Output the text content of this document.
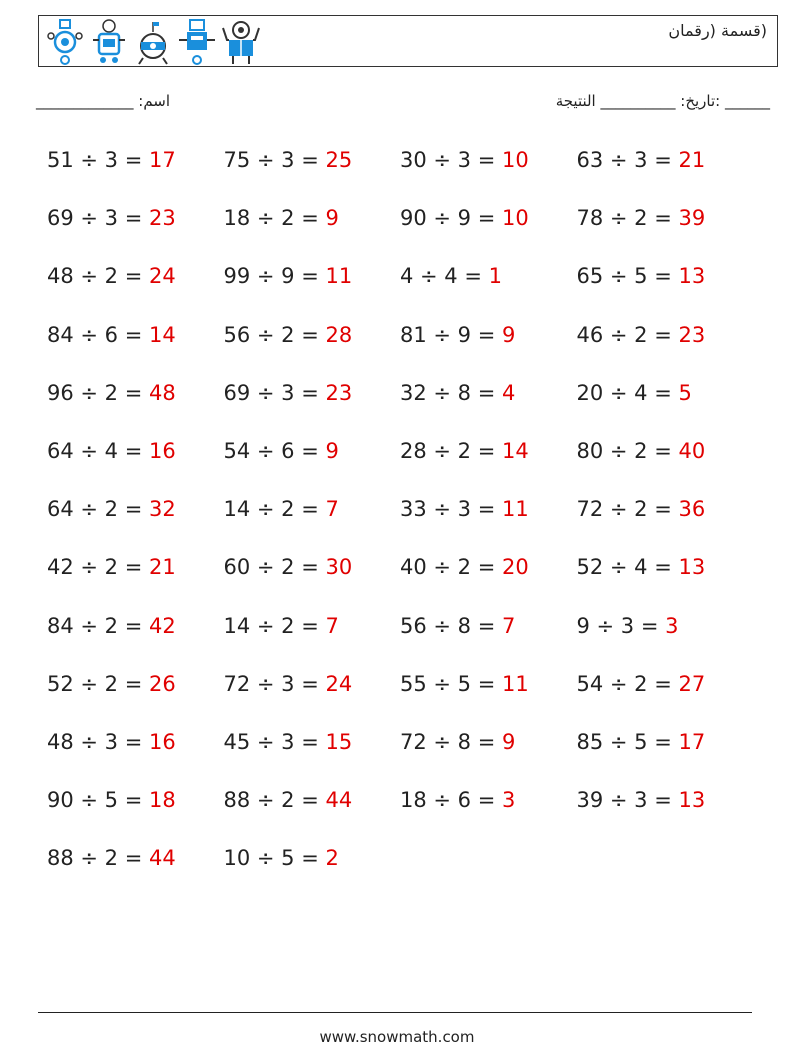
(قسمة (رقمان
______ :تاريخ: __________ النتيجة
اسم: _____________
51 ÷ 3 = 17	75 ÷ 3 = 25	30 ÷ 3 = 10	63 ÷ 3 = 21
69 ÷ 3 = 23	18 ÷ 2 = 9	90 ÷ 9 = 10	78 ÷ 2 = 39
48 ÷ 2 = 24	99 ÷ 9 = 11	4 ÷ 4 = 1	65 ÷ 5 = 13
84 ÷ 6 = 14	56 ÷ 2 = 28	81 ÷ 9 = 9	46 ÷ 2 = 23
96 ÷ 2 = 48	69 ÷ 3 = 23	32 ÷ 8 = 4	20 ÷ 4 = 5
64 ÷ 4 = 16	54 ÷ 6 = 9	28 ÷ 2 = 14	80 ÷ 2 = 40
64 ÷ 2 = 32	14 ÷ 2 = 7	33 ÷ 3 = 11	72 ÷ 2 = 36
42 ÷ 2 = 21	60 ÷ 2 = 30	40 ÷ 2 = 20	52 ÷ 4 = 13
84 ÷ 2 = 42	14 ÷ 2 = 7	56 ÷ 8 = 7	9 ÷ 3 = 3
52 ÷ 2 = 26	72 ÷ 3 = 24	55 ÷ 5 = 11	54 ÷ 2 = 27
48 ÷ 3 = 16	45 ÷ 3 = 15	72 ÷ 8 = 9	85 ÷ 5 = 17
90 ÷ 5 = 18	88 ÷ 2 = 44	18 ÷ 6 = 3	39 ÷ 3 = 13
88 ÷ 2 = 44	10 ÷ 5 = 2
www.snowmath.com
